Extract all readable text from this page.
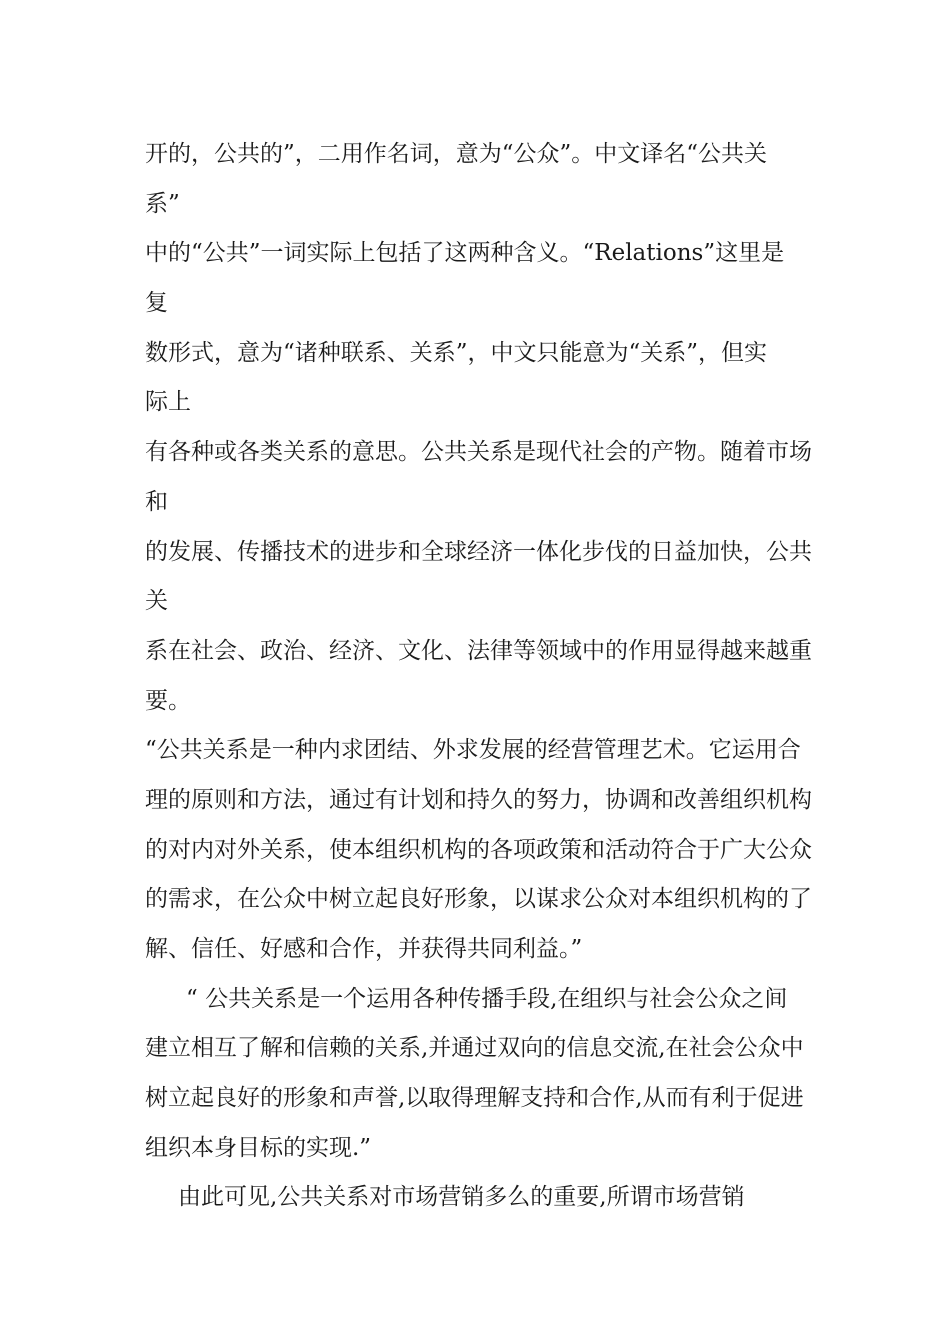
开的，公共的”，二用作名词，意为“公众”。中文译名“公共关
系”
中的“公共”一词实际上包括了这两种含义。“Relations”这里是
复
数形式，意为“诸种联系、关系”，中文只能意为“关系”，但实
际上
有各种或各类关系的意思。公共关系是现代社会的产物。随着市场
和
的发展、传播技术的进步和全球经济一体化步伐的日益加快，公共
关
系在社会、政治、经济、文化、法律等领域中的作用显得越来越重
要。
“公共关系是一种内求团结、外求发展的经营管理艺术。它运用合
理的原则和方法，通过有计划和持久的努力，协调和改善组织机构
的对内对外关系，使本组织机构的各项政策和活动符合于广大公众
的需求，在公众中树立起良好形象，以谋求公众对本组织机构的了
解、信任、好感和合作，并获得共同利益。”
“ 公共关系是一个运用各种传播手段,在组织与社会公众之间
建立相互了解和信赖的关系,并通过双向的信息交流,在社会公众中
树立起良好的形象和声誉,以取得理解支持和合作,从而有利于促进
组织本身目标的实现.”
由此可见,公共关系对市场营销多么的重要,所谓市场营销
